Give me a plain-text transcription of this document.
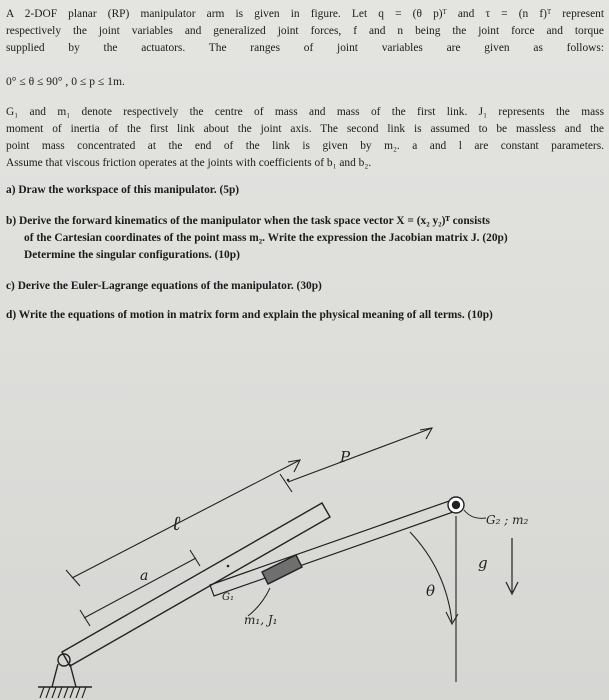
A 2-DOF planar (RP) manipulator arm is given in figure. Let q = (θ p)ᵀ and τ = (n f)ᵀ represent
respectively the joint variables and generalized joint forces, f and n being the joint force and torque
supplied by the actuators. The ranges of joint variables are given as follows:
0° ≤ θ ≤ 90° , 0 ≤ p ≤ 1m.
G₁ and m₁ denote respectively the centre of mass and mass of the first link. J₁ represents the mass
moment of inertia of the first link about the joint axis. The second link is assumed to be massless and the
point mass concentrated at the end of the link is given by m₂. a and l are constant parameters.
Assume that viscous friction operates at the joints with coefficients of b₁ and b₂.
a) Draw the workspace of this manipulator. (5p)
b) Derive the forward kinematics of the manipulator when the task space vector X = (x₂ y₂)ᵀ consists
of the Cartesian coordinates of the point mass m₂. Write the expression the Jacobian matrix J. (20p)
Determine the singular configurations. (10p)
c) Derive the Euler-Lagrange equations of the manipulator. (30p)
d) Write the equations of motion in matrix form and explain the physical meaning of all terms. (10p)
P
ℓ
a
G₁
m₁, J₁
G₂ ; m₂
g
θ
